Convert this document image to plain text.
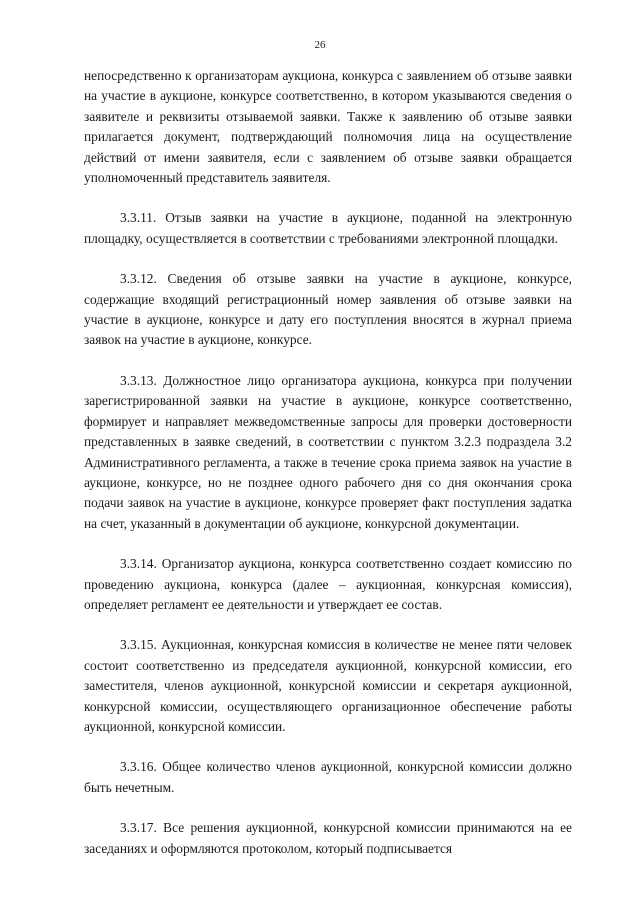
26

непосредственно к организаторам аукциона, конкурса с заявлением об отзыве заявки на участие в аукционе, конкурсе соответственно, в котором указываются сведения о заявителе и реквизиты отзываемой заявки. Также к заявлению об отзыве заявки прилагается документ, подтверждающий полномочия лица на осуществление действий от имени заявителя, если с заявлением об отзыве заявки обращается уполномоченный представитель заявителя.

3.3.11. Отзыв заявки на участие в аукционе, поданной на электронную площадку, осуществляется в соответствии с требованиями электронной площадки.

3.3.12. Сведения об отзыве заявки на участие в аукционе, конкурсе, содержащие входящий регистрационный номер заявления об отзыве заявки на участие в аукционе, конкурсе и дату его поступления вносятся в журнал приема заявок на участие в аукционе, конкурсе.

3.3.13. Должностное лицо организатора аукциона, конкурса при получении зарегистрированной заявки на участие в аукционе, конкурсе соответственно, формирует и направляет межведомственные запросы для проверки достоверности представленных в заявке сведений, в соответствии с пунктом 3.2.3 подраздела 3.2 Административного регламента, а также в течение срока приема заявок на участие в аукционе, конкурсе, но не позднее одного рабочего дня со дня окончания срока подачи заявок на участие в аукционе, конкурсе проверяет факт поступления задатка на счет, указанный в документации об аукционе, конкурсной документации.

3.3.14. Организатор аукциона, конкурса соответственно создает комиссию по проведению аукциона, конкурса (далее – аукционная, конкурсная комиссия), определяет регламент ее деятельности и утверждает ее состав.

3.3.15. Аукционная, конкурсная комиссия в количестве не менее пяти человек состоит соответственно из председателя аукционной, конкурсной комиссии, его заместителя, членов аукционной, конкурсной комиссии и секретаря аукционной, конкурсной комиссии, осуществляющего организационное обеспечение работы аукционной, конкурсной комиссии.

3.3.16. Общее количество членов аукционной, конкурсной комиссии должно быть нечетным.

3.3.17. Все решения аукционной, конкурсной комиссии принимаются на ее заседаниях и оформляются протоколом, который подписывается
